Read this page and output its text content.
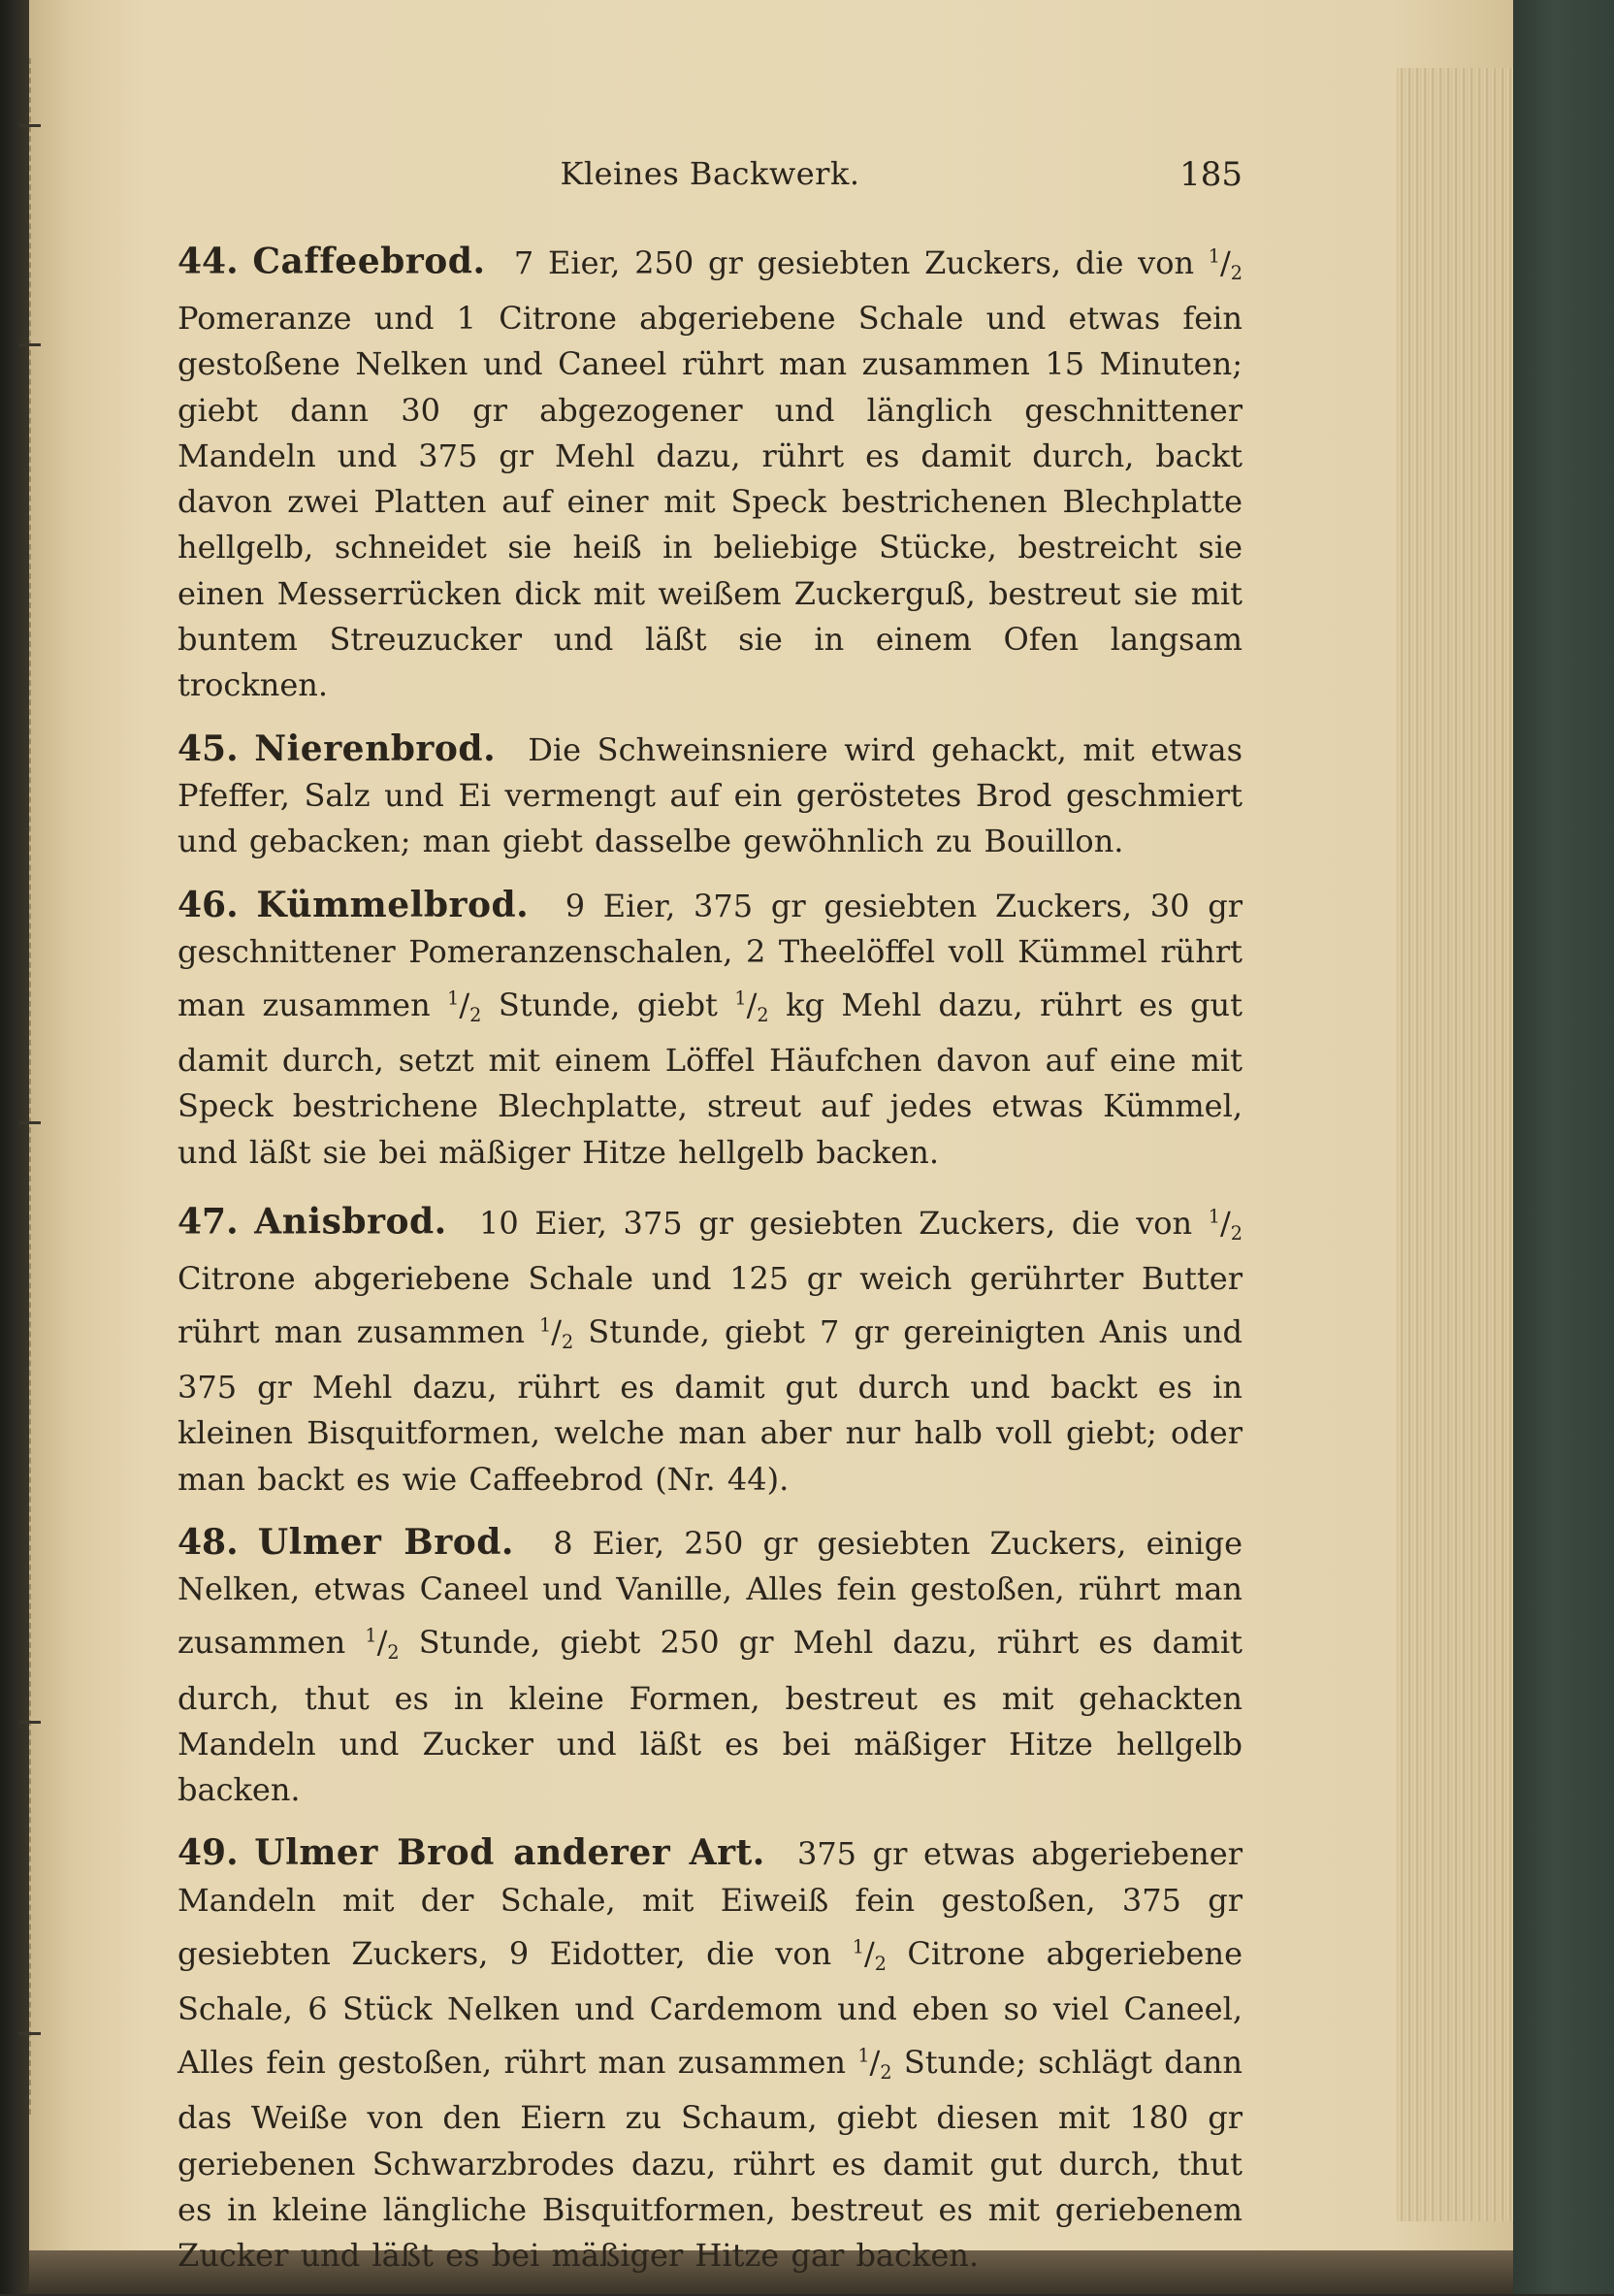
Kleines Backwerk.	185

44. Caffeebrod. 7 Eier, 250 gr gesiebten Zuckers, die von $^1/_2$ Pomeranze und 1 Citrone abgeriebene Schale und etwas fein gestoßene Nelken und Caneel rührt man zusammen 15 Minuten; giebt dann 30 gr abgezogener und länglich geschnittener Mandeln und 375 gr Mehl dazu, rührt es damit durch, backt davon zwei Platten auf einer mit Speck bestrichenen Blechplatte hellgelb, schneidet sie heiß in beliebige Stücke, bestreicht sie einen Messerrücken dick mit weißem Zuckerguß, bestreut sie mit buntem Streuzucker und läßt sie in einem Ofen langsam trocknen.

45. Nierenbrod. Die Schweinsniere wird gehackt, mit etwas Pfeffer, Salz und Ei vermengt auf ein geröstetes Brod geschmiert und gebacken; man giebt dasselbe gewöhnlich zu Bouillon.

46. Kümmelbrod. 9 Eier, 375 gr gesiebten Zuckers, 30 gr geschnittener Pomeranzenschalen, 2 Theelöffel voll Kümmel rührt man zusammen $^1/_2$ Stunde, giebt $^1/_2$ kg Mehl dazu, rührt es gut damit durch, setzt mit einem Löffel Häufchen davon auf eine mit Speck bestrichene Blechplatte, streut auf jedes etwas Kümmel, und läßt sie bei mäßiger Hitze hellgelb backen.

47. Anisbrod. 10 Eier, 375 gr gesiebten Zuckers, die von $^1/_2$ Citrone abgeriebene Schale und 125 gr weich gerührter Butter rührt man zusammen $^1/_2$ Stunde, giebt 7 gr gereinigten Anis und 375 gr Mehl dazu, rührt es damit gut durch und backt es in kleinen Bisquitformen, welche man aber nur halb voll giebt; oder man backt es wie Caffeebrod (Nr. 44).

48. Ulmer Brod. 8 Eier, 250 gr gesiebten Zuckers, einige Nelken, etwas Caneel und Vanille, Alles fein gestoßen, rührt man zusammen $^1/_2$ Stunde, giebt 250 gr Mehl dazu, rührt es damit durch, thut es in kleine Formen, bestreut es mit gehackten Mandeln und Zucker und läßt es bei mäßiger Hitze hellgelb backen.

49. Ulmer Brod anderer Art. 375 gr etwas abgeriebener Mandeln mit der Schale, mit Eiweiß fein gestoßen, 375 gr gesiebten Zuckers, 9 Eidotter, die von $^1/_2$ Citrone abgeriebene Schale, 6 Stück Nelken und Cardemom und eben so viel Caneel, Alles fein gestoßen, rührt man zusammen $^1/_2$ Stunde; schlägt dann das Weiße von den Eiern zu Schaum, giebt diesen mit 180 gr geriebenen Schwarzbrodes dazu, rührt es damit gut durch, thut es in kleine längliche Bisquitformen, bestreut es mit geriebenem Zucker und läßt es bei mäßiger Hitze gar backen.
